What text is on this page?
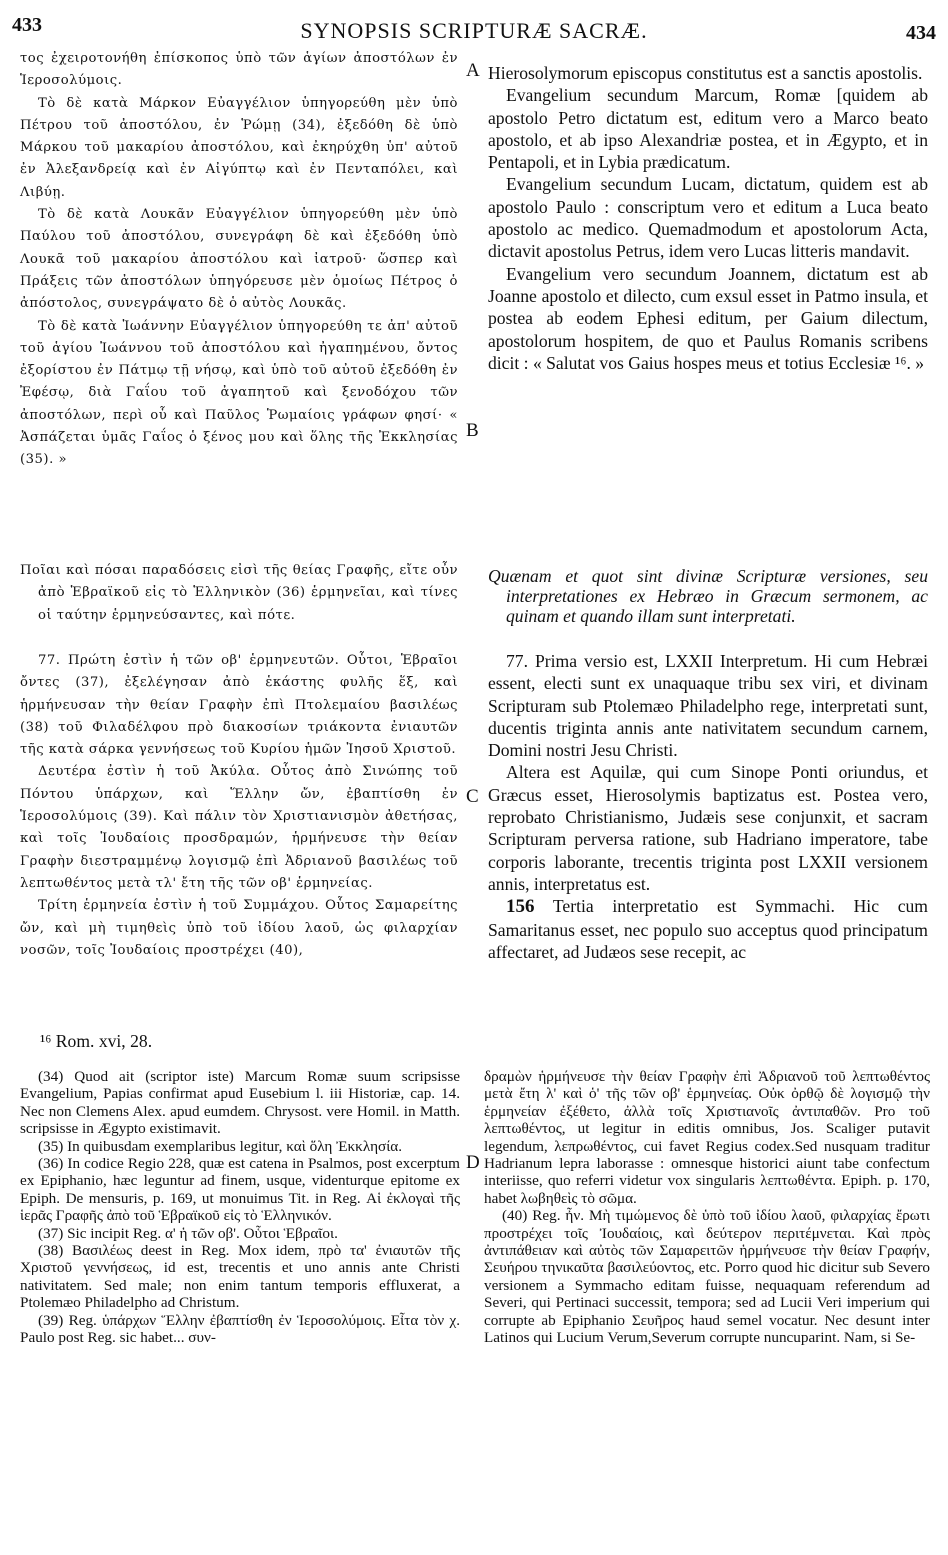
433	SYNOPSIS SCRIPTURÆ SACRÆ.	434
A
B
C
D

τος ἐχειροτονήθη ἐπίσκοπος ὑπὸ τῶν ἁγίων ἀποστόλων ἐν Ἱεροσολύμοις.

Τὸ δὲ κατὰ Μάρκον Εὐαγγέλιον ὑπηγορεύθη μὲν ὑπὸ Πέτρου τοῦ ἀποστόλου, ἐν Ῥώμῃ (34), ἐξεδόθη δὲ ὑπὸ Μάρκου τοῦ μακαρίου ἀποστόλου, καὶ ἐκηρύχθη ὑπ' αὐτοῦ ἐν Ἀλεξανδρείᾳ καὶ ἐν Αἰγύπτῳ καὶ ἐν Πενταπόλει, καὶ Λιβύῃ.

Τὸ δὲ κατὰ Λουκᾶν Εὐαγγέλιον ὑπηγορεύθη μὲν ὑπὸ Παύλου τοῦ ἀποστόλου, συνεγράφη δὲ καὶ ἐξεδόθη ὑπὸ Λουκᾶ τοῦ μακαρίου ἀποστόλου καὶ ἰατροῦ· ὥσπερ καὶ Πράξεις τῶν ἀποστόλων ὑπηγόρευσε μὲν ὁμοίως Πέτρος ὁ ἀπόστολος, συνεγράψατο δὲ ὁ αὐτὸς Λουκᾶς.

Τὸ δὲ κατὰ Ἰωάννην Εὐαγγέλιον ὑπηγορεύθη τε ἀπ' αὐτοῦ τοῦ ἁγίου Ἰωάννου τοῦ ἀποστόλου καὶ ἠγαπημένου, ὄντος ἐξορίστου ἐν Πάτμῳ τῇ νήσῳ, καὶ ὑπὸ τοῦ αὐτοῦ ἐξεδόθη ἐν Ἐφέσῳ, διὰ Γαΐου τοῦ ἀγαπητοῦ καὶ ξενοδόχου τῶν ἀποστόλων, περὶ οὗ καὶ Παῦλος Ῥωμαίοις γράφων φησί· « Ἀσπάζεται ὑμᾶς Γαΐος ὁ ξένος μου καὶ ὅλης τῆς Ἐκκλησίας (35). »

Hierosolymorum episcopus constitutus est a sanctis apostolis.

Evangelium secundum Marcum, Romæ [quidem ab apostolo Petro dictatum est, editum vero a Marco beato apostolo, et ab ipso Alexandriæ postea, et in Ægypto, et in Pentapoli, et in Lybia prædicatum.

Evangelium secundum Lucam, dictatum, quidem est ab apostolo Paulo : conscriptum vero et editum a Luca beato apostolo ac medico. Quemadmodum et apostolorum Acta, dictavit apostolus Petrus, idem vero Lucas litteris mandavit.

Evangelium vero secundum Joannem, dictatum est ab Joanne apostolo et dilecto, cum exsul esset in Patmo insula, et postea ab eodem Ephesi editum, per Gaium dilectum, apostolorum hospitem, de quo et Paulus Romanis scribens dicit : « Salutat vos Gaius hospes meus et totius Ecclesiæ ¹⁶. »

Ποῖαι καὶ πόσαι παραδόσεις εἰσὶ τῆς θείας Γραφῆς, εἴτε οὖν ἀπὸ Ἑβραϊκοῦ εἰς τὸ Ἑλληνικὸν (36) ἑρμηνεῖαι, καὶ τίνες οἱ ταύτην ἑρμηνεύσαντες, καὶ πότε.

Quænam et quot sint divinæ Scripturæ versiones, seu interpretationes ex Hebræo in Græcum sermonem, ac quinam et quando illam sunt interpretati.

77. Πρώτη ἐστὶν ἡ τῶν οβ' ἑρμηνευτῶν. Οὗτοι, Ἑβραῖοι ὄντες (37), ἐξελέγησαν ἀπὸ ἑκάστης φυλῆς ἕξ, καὶ ἡρμήνευσαν τὴν θείαν Γραφὴν ἐπὶ Πτολεμαίου βασιλέως (38) τοῦ Φιλαδέλφου πρὸ διακοσίων τριάκοντα ἐνιαυτῶν τῆς κατὰ σάρκα γεννήσεως τοῦ Κυρίου ἡμῶν Ἰησοῦ Χριστοῦ.

Δευτέρα ἐστὶν ἡ τοῦ Ἀκύλα. Οὗτος ἀπὸ Σινώπης τοῦ Πόντου ὑπάρχων, καὶ Ἕλλην ὤν, ἐβαπτίσθη ἐν Ἱεροσολύμοις (39). Καὶ πάλιν τὸν Χριστιανισμὸν ἀθετήσας, καὶ τοῖς Ἰουδαίοις προσδραμών, ἡρμήνευσε τὴν θείαν Γραφὴν διεστραμμένῳ λογισμῷ ἐπὶ Ἀδριανοῦ βασιλέως τοῦ λεπτωθέντος μετὰ τλ' ἔτη τῆς τῶν οβ' ἑρμηνείας.

Τρίτη ἑρμηνεία ἐστὶν ἡ τοῦ Συμμάχου. Οὗτος Σαμαρείτης ὤν, καὶ μὴ τιμηθεὶς ὑπὸ τοῦ ἰδίου λαοῦ, ὡς φιλαρχίαν νοσῶν, τοῖς Ἰουδαίοις προστρέχει (40),

77. Prima versio est, LXXII Interpretum. Hi cum Hebræi essent, electi sunt ex unaquaque tribu sex viri, et divinam Scripturam sub Ptolemæo Philadelpho rege, interpretati sunt, ducentis triginta annis ante nativitatem secundum carnem, Domini nostri Jesu Christi.

Altera est Aquilæ, qui cum Sinope Ponti oriundus, et Græcus esset, Hierosolymis baptizatus est. Postea vero, reprobato Christianismo, Judæis sese conjunxit, et sacram Scripturam perversa ratione, sub Hadriano imperatore, tabe corporis laborante, trecentis triginta post LXXII versionem annis, interpretatus est.

156 Tertia interpretatio est Symmachi. Hic cum Samaritanus esset, nec populo suo acceptus quod principatum affectaret, ad Judæos sese recepit, ac

¹⁶ Rom. xvi, 28.

(34) Quod ait (scriptor iste) Marcum Romæ suum scripsisse Evangelium, Papias confirmat apud Eusebium l. iii Historiæ, cap. 14. Nec non Clemens Alex. apud eumdem. Chrysost. vere Homil. in Matth. scripsisse in Ægypto existimavit.

(35) In quibusdam exemplaribus legitur, καὶ ὅλη Ἐκκλησία.

(36) In codice Regio 228, quæ est catena in Psalmos, post excerptum ex Epiphanio, hæc leguntur ad finem, usque, videnturque epitome ex Epiph. De mensuris, p. 169, ut monuimus Tit. in Reg. Αἱ ἐκλογαὶ τῆς ἱερᾶς Γραφῆς ἀπὸ τοῦ Ἑβραϊκοῦ εἰς τὸ Ἑλληνικόν.

(37) Sic incipit Reg. α' ἡ τῶν οβ'. Οὗτοι Ἑβραῖοι.

(38) Βασιλέως deest in Reg. Mox idem, πρὸ τα' ἐνιαυτῶν τῆς Χριστοῦ γεννήσεως, id est, trecentis et uno annis ante Christi nativitatem. Sed male; non enim tantum temporis effluxerat, a Ptolemæo Philadelpho ad Christum.

(39) Reg. ὑπάρχων Ἕλλην ἐβαπτίσθη ἐν Ἱεροσολύμοις. Εἶτα τὸν χ. Paulo post Reg. sic habet... συν-

δραμὼν ἡρμήνευσε τὴν θείαν Γραφὴν ἐπὶ Ἀδριανοῦ τοῦ λεπτωθέντος μετὰ ἔτη λ' καὶ ὁ' τῆς τῶν οβ' ἑρμηνείας. Οὐκ ὀρθῷ δὲ λογισμῷ τὴν ἑρμηνείαν ἐξέθετο, ἀλλὰ τοῖς Χριστιανοῖς ἀντιπαθῶν. Pro τοῦ λεπτωθέντος, ut legitur in editis omnibus, Jos. Scaliger putavit legendum, λεπρωθέντος, cui favet Regius codex.Sed nusquam traditur Hadrianum lepra laborasse : omnesque historici aiunt tabe confectum interiisse, quo referri videtur vox singularis λεπτωθέντα. Epiph. p. 170, habet λωβηθεὶς τὸ σῶμα.

(40) Reg. ἦν. Μὴ τιμώμενος δὲ ὑπὸ τοῦ ἰδίου λαοῦ, φιλαρχίας ἔρωτι προστρέχει τοῖς Ἰουδαίοις, καὶ δεύτερον περιτέμνεται. Καὶ πρὸς ἀντιπάθειαν καὶ αὐτὸς τῶν Σαμαρειτῶν ἡρμήνευσε τὴν θείαν Γραφήν, Σευήρου τηνικαῦτα βασιλεύοντος, etc. Porro quod hic dicitur sub Severo versionem a Symmacho editam fuisse, nequaquam referendum ad Severi, qui Pertinaci successit, tempora; sed ad Lucii Veri imperium qui corrupte ab Epiphanio Σευῆρος haud semel vocatur. Nec desunt inter Latinos qui Lucium Verum,Severum corrupte nuncuparint. Nam, si Se-
